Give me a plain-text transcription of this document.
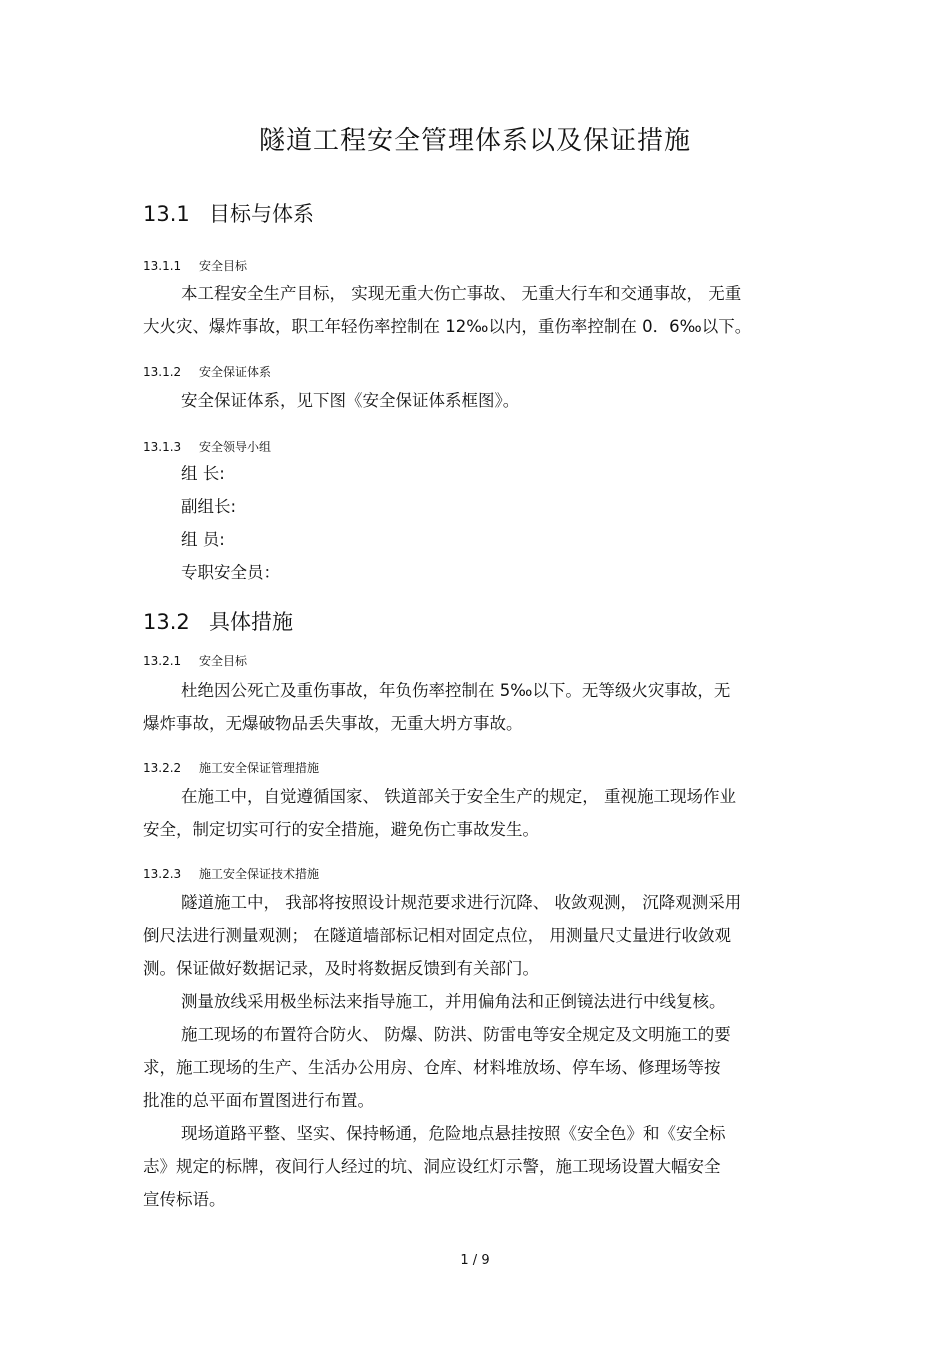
隧道工程安全管理体系以及保证措施
13.1 目标与体系
13.1.1 安全目标
本工程安全生产目标， 实现无重大伤亡事故、 无重大行车和交通事故， 无重
大火灾、爆炸事故，职工年轻伤率控制在 12‰以内，重伤率控制在 0．6‰以下。
13.1.2 安全保证体系
安全保证体系，见下图《安全保证体系框图》。
13.1.3 安全领导小组
组 长:
副组长:
组 员:
专职安全员：
13.2 具体措施
13.2.1 安全目标
杜绝因公死亡及重伤事故，年负伤率控制在 5‰以下。无等级火灾事故，无
爆炸事故，无爆破物品丢失事故，无重大坍方事故。
13.2.2 施工安全保证管理措施
在施工中，自觉遵循国家、 铁道部关于安全生产的规定， 重视施工现场作业
安全，制定切实可行的安全措施，避免伤亡事故发生。
13.2.3 施工安全保证技术措施
隧道施工中， 我部将按照设计规范要求进行沉降、 收敛观测， 沉降观测采用
倒尺法进行测量观测； 在隧道墙部标记相对固定点位， 用测量尺丈量进行收敛观
测。保证做好数据记录，及时将数据反馈到有关部门。
测量放线采用极坐标法来指导施工，并用偏角法和正倒镜法进行中线复核。
施工现场的布置符合防火、 防爆、防洪、防雷电等安全规定及文明施工的要
求，施工现场的生产、生活办公用房、仓库、材料堆放场、停车场、修理场等按
批准的总平面布置图进行布置。
现场道路平整、坚实、保持畅通，危险地点悬挂按照《安全色》和《安全标
志》规定的标牌，夜间行人经过的坑、洞应设红灯示警，施工现场设置大幅安全
宣传标语。
1 / 9
